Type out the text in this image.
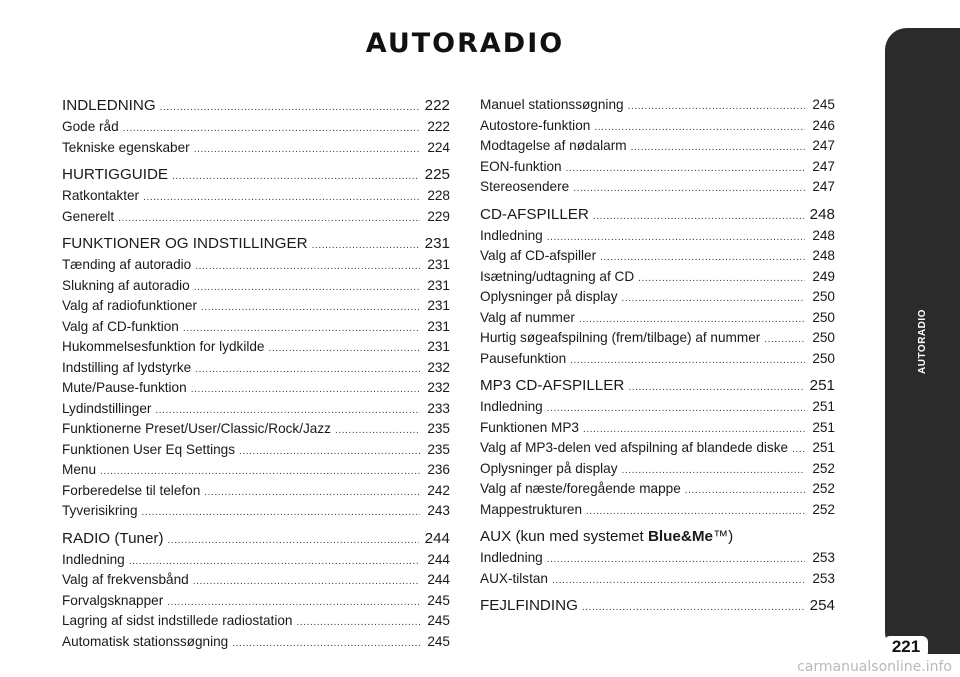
AUTORADIO
INDLEDNING .....	222
Gode råd .....	222
Tekniske egenskaber .....	224
HURTIGGUIDE .....	225
Ratkontakter .....	228
Generelt .....	229
FUNKTIONER OG INDSTILLINGER .....	231
Tænding af autoradio .....	231
Slukning af autoradio .....	231
Valg af radiofunktioner .....	231
Valg af CD-funktion .....	231
Hukommelsesfunktion for lydkilde .....	231
Indstilling af lydstyrke .....	232
Mute/Pause-funktion .....	232
Lydindstillinger .....	233
Funktionerne Preset/User/Classic/Rock/Jazz .....	235
Funktionen User Eq Settings .....	235
Menu .....	236
Forberedelse til telefon .....	242
Tyverisikring .....	243
RADIO (Tuner) .....	244
Indledning .....	244
Valg af frekvensbånd .....	244
Forvalgsknapper .....	245
Lagring af sidst indstillede radiostation .....	245
Automatisk stationssøgning .....	245
Manuel stationssøgning .....	245
Autostore-funktion .....	246
Modtagelse af nødalarm .....	247
EON-funktion .....	247
Stereosendere .....	247
CD-AFSPILLER .....	248
Indledning .....	248
Valg af CD-afspiller .....	248
Isætning/udtagning af CD .....	249
Oplysninger på display .....	250
Valg af nummer .....	250
Hurtig søgeafspilning (frem/tilbage) af nummer .....	250
Pausefunktion .....	250
MP3 CD-AFSPILLER .....	251
Indledning .....	251
Funktionen MP3 .....	251
Valg af MP3-delen ved afspilning af blandede diske ..... 251
Oplysninger på display .....	252
Valg af næste/foregående mappe .....	252
Mappestrukturen .....	252
AUX (kun med systemet Blue&Me™)
Indledning .....	253
AUX-tilstan .....	253
FEJLFINDING .....	254
AUTORADIO
221
carmanualsonline.info
